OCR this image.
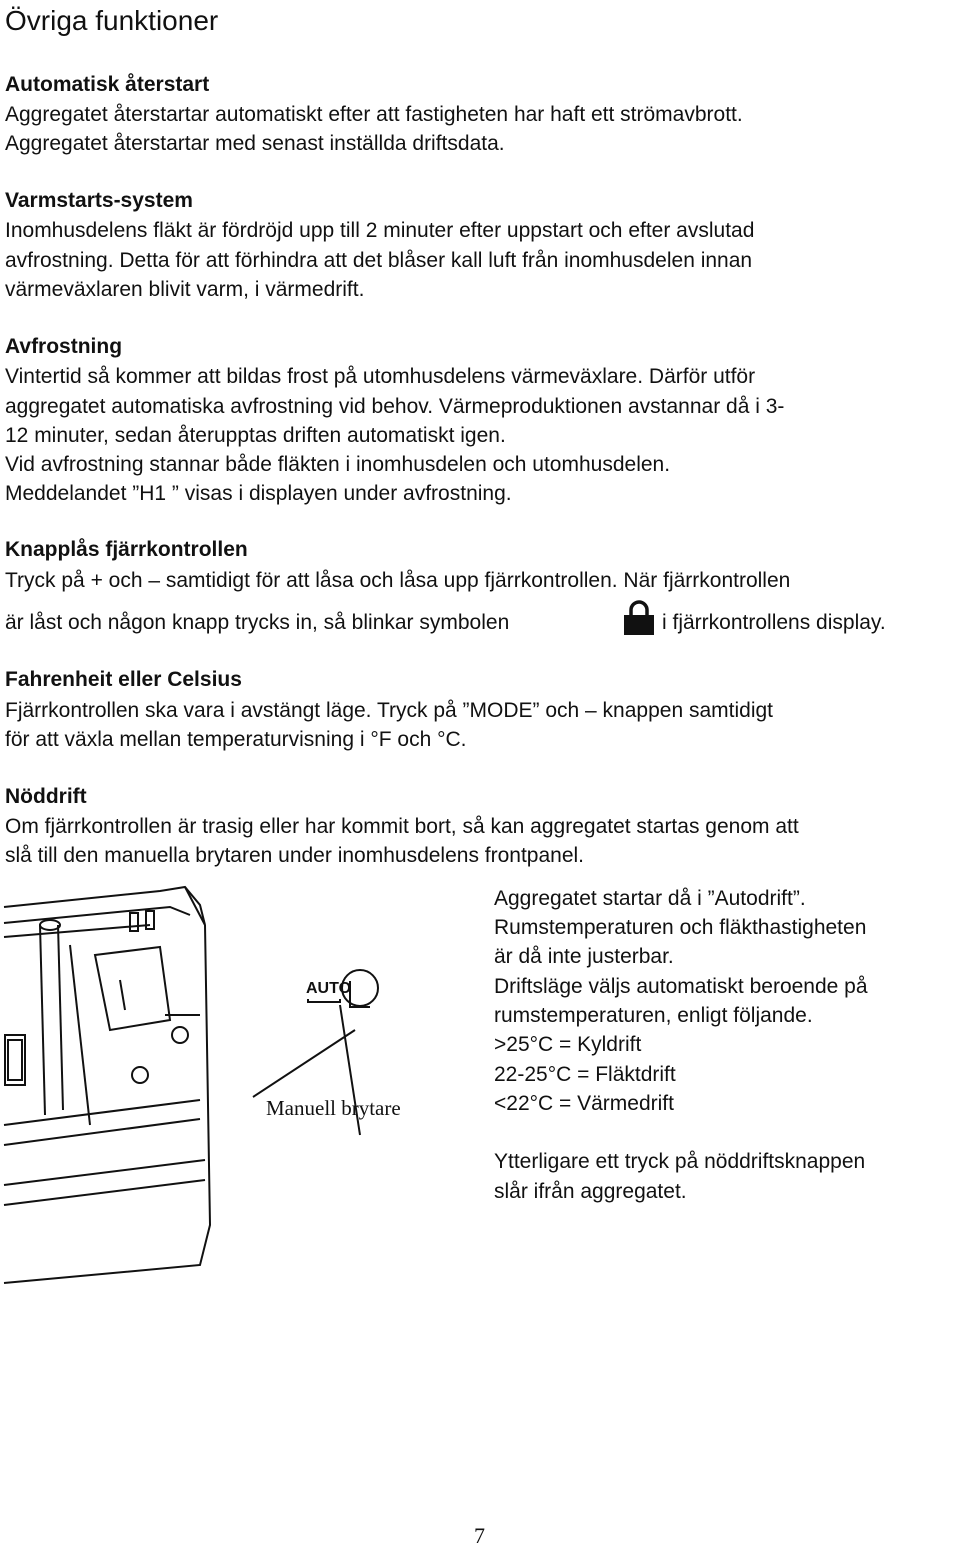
Övriga funktioner
Automatisk återstart
Aggregatet återstartar automatiskt efter att fastigheten har haft ett strömavbrott.
Aggregatet återstartar med senast inställda driftsdata.
Varmstarts-system
Inomhusdelens fläkt är fördröjd upp till 2 minuter efter uppstart och efter avslutad
avfrostning. Detta för att förhindra att det blåser kall luft från inomhusdelen innan
värmeväxlaren blivit varm, i värmedrift.
Avfrostning
Vintertid så kommer att bildas frost på utomhusdelens värmeväxlare. Därför utför
aggregatet automatiska avfrostning vid behov. Värmeproduktionen avstannar då i 3-
12 minuter, sedan återupptas driften automatiskt igen.
Vid avfrostning stannar både fläkten i inomhusdelen och utomhusdelen.
Meddelandet ”H1 ” visas i displayen under avfrostning.
Knapplås fjärrkontrollen
Tryck på + och – samtidigt för att låsa och låsa upp fjärrkontrollen. När fjärrkontrollen
är låst och någon knapp trycks in, så blinkar symbolen	i fjärrkontrollens display.
Fahrenheit eller Celsius
Fjärrkontrollen ska vara i avstängt läge. Tryck på ”MODE” och – knappen samtidigt
för att växla mellan temperaturvisning i °F och °C.
Nöddrift
Om fjärrkontrollen är trasig eller har kommit bort, så kan aggregatet startas genom att
slå till den manuella brytaren under inomhusdelens frontpanel.
AUTO
Manuell brytare
Aggregatet startar då i ”Autodrift”.
Rumstemperaturen och fläkthastigheten
är då inte justerbar.
Driftsläge väljs automatiskt beroende på
rumstemperaturen, enligt följande.
>25°C = Kyldrift
22-25°C = Fläktdrift
<22°C = Värmedrift
Ytterligare ett tryck på nöddriftsknappen
slår ifrån aggregatet.
7
